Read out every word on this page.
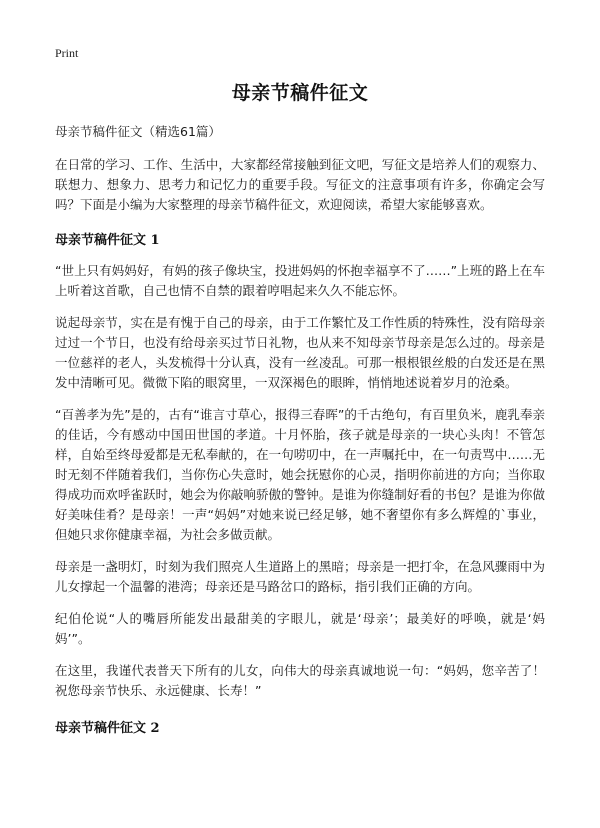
Print
母亲节稿件征文
母亲节稿件征文（精选61篇）

在日常的学习、工作、生活中，大家都经常接触到征文吧，写征文是培养人们的观察力、联想力、想象力、思考力和记忆力的重要手段。写征文的注意事项有许多，你确定会写吗？下面是小编为大家整理的母亲节稿件征文，欢迎阅读，希望大家能够喜欢。

母亲节稿件征文 1

“世上只有妈妈好，有妈的孩子像块宝，投进妈妈的怀抱幸福享不了……”上班的路上在车上听着这首歌，自己也情不自禁的跟着哼唱起来久久不能忘怀。

说起母亲节，实在是有愧于自己的母亲，由于工作繁忙及工作性质的特殊性，没有陪母亲过过一个节日，也没有给母亲买过节日礼物，也从来不知母亲节母亲是怎么过的。母亲是一位慈祥的老人，头发梳得十分认真，没有一丝凌乱。可那一根根银丝般的白发还是在黑发中清晰可见。微微下陷的眼窝里，一双深褐色的眼眸，悄悄地述说着岁月的沧桑。

“百善孝为先”是的，古有“谁言寸草心，报得三春晖”的千古绝句，有百里负米，鹿乳奉亲的佳话，今有感动中国田世国的孝道。十月怀胎，孩子就是母亲的一块心头肉！不管怎样，自始至终母爱都是无私奉献的，在一句唠叨中，在一声嘱托中，在一句责骂中……无时无刻不伴随着我们，当你伤心失意时，她会抚慰你的心灵，指明你前进的方向；当你取得成功而欢呼雀跃时，她会为你敲响骄傲的警钟。是谁为你缝制好看的书包？是谁为你做好美味佳肴？是母亲！一声“妈妈”对她来说已经足够，她不奢望你有多么辉煌的`事业，但她只求你健康幸福，为社会多做贡献。

母亲是一盏明灯，时刻为我们照亮人生道路上的黑暗；母亲是一把打伞，在急风骤雨中为儿女撑起一个温馨的港湾；母亲还是马路岔口的路标，指引我们正确的方向。

纪伯伦说“人的嘴唇所能发出最甜美的字眼儿，就是‘母亲’；最美好的呼唤，就是‘妈妈’”。

在这里，我谨代表普天下所有的儿女，向伟大的母亲真诚地说一句：“妈妈，您辛苦了！祝您母亲节快乐、永远健康、长寿！”

母亲节稿件征文 2
